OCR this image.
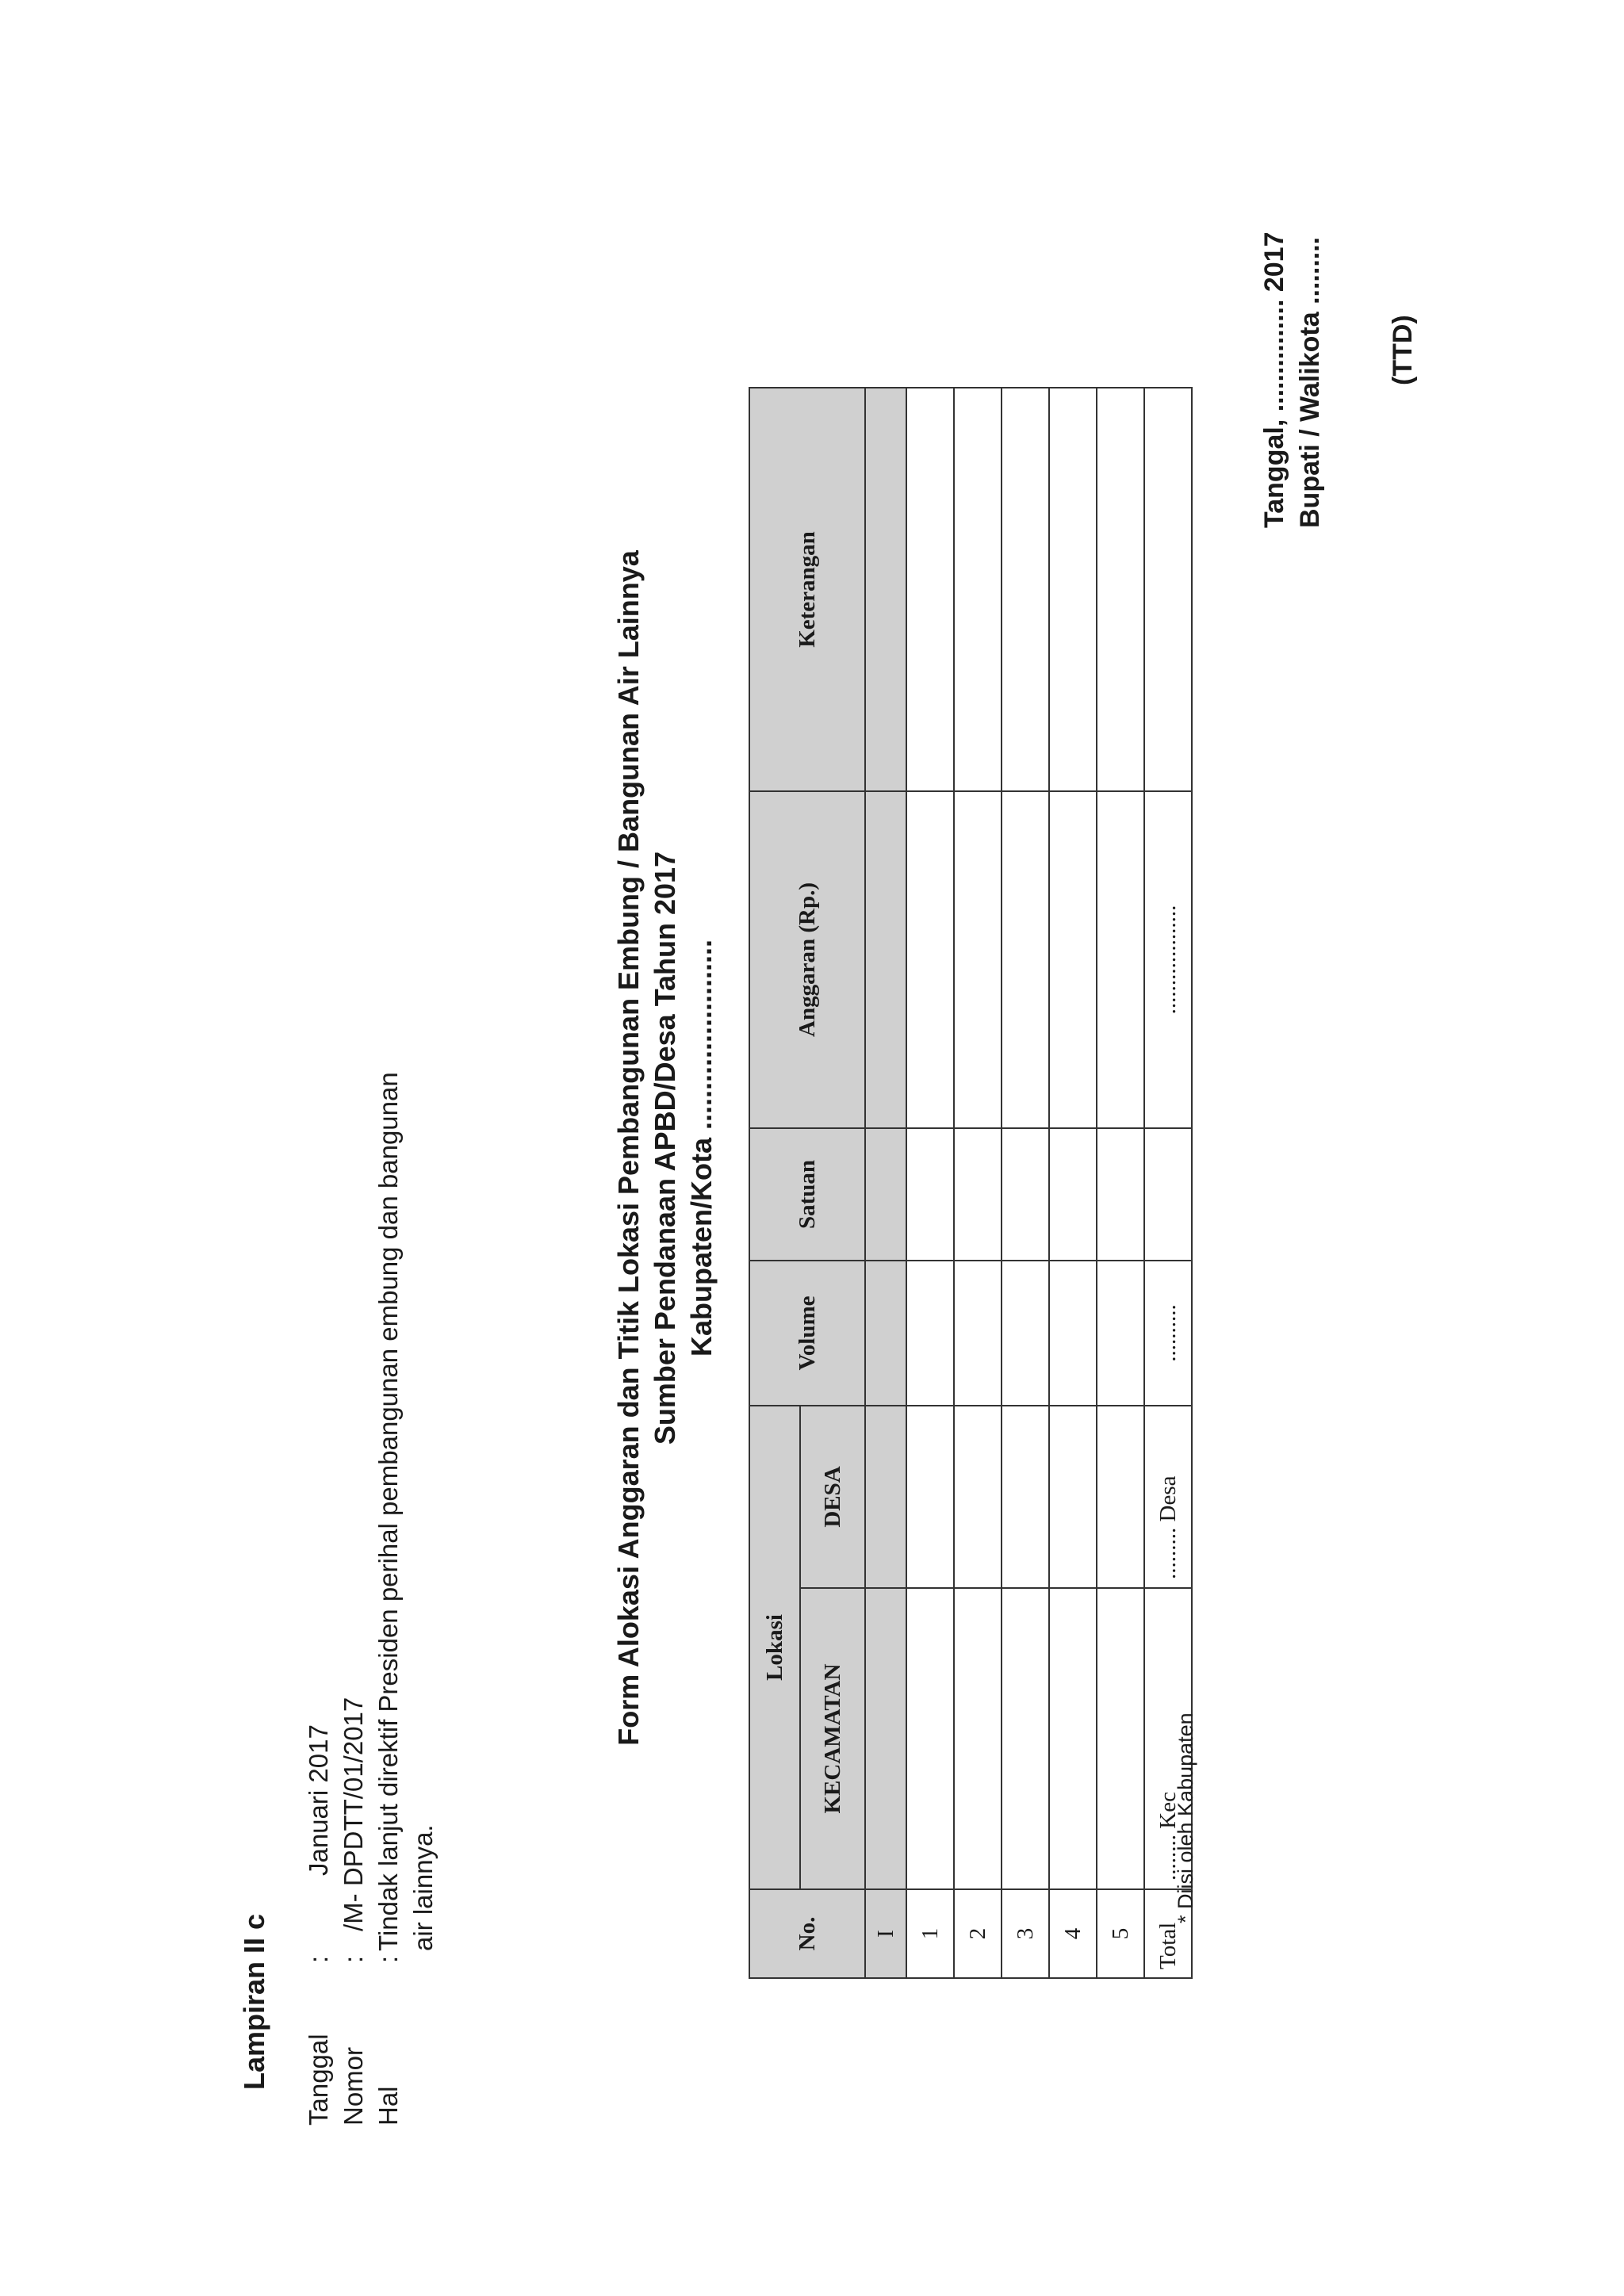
Lampiran II c Tanggal
:
Januari 2017
Nomor
:
/M- DPDTT/01/2017
Hal
:
Tindak lanjut direktif Presiden perihal pembangunan embung dan bangunan air lainnya.
Form Alokasi Anggaran dan Titik Lokasi Pembangunan Embung / Bangunan Air Lainnya Sumber Pendanaan APBD/Desa Tahun 2017 Kabupaten/Kota ........................
No.	Lokasi		Volume	Satuan	Anggaran (Rp.)	Keterangan
	KECAMATAN	DESA				
I						
1						
2						
3						
4						
5						
Total	........ Kec	......... Desa	..........		...................	
* Diisi oleh Kabupaten
Tanggal, ............... 2017 Bupati / Walikota ......... (TTD)
